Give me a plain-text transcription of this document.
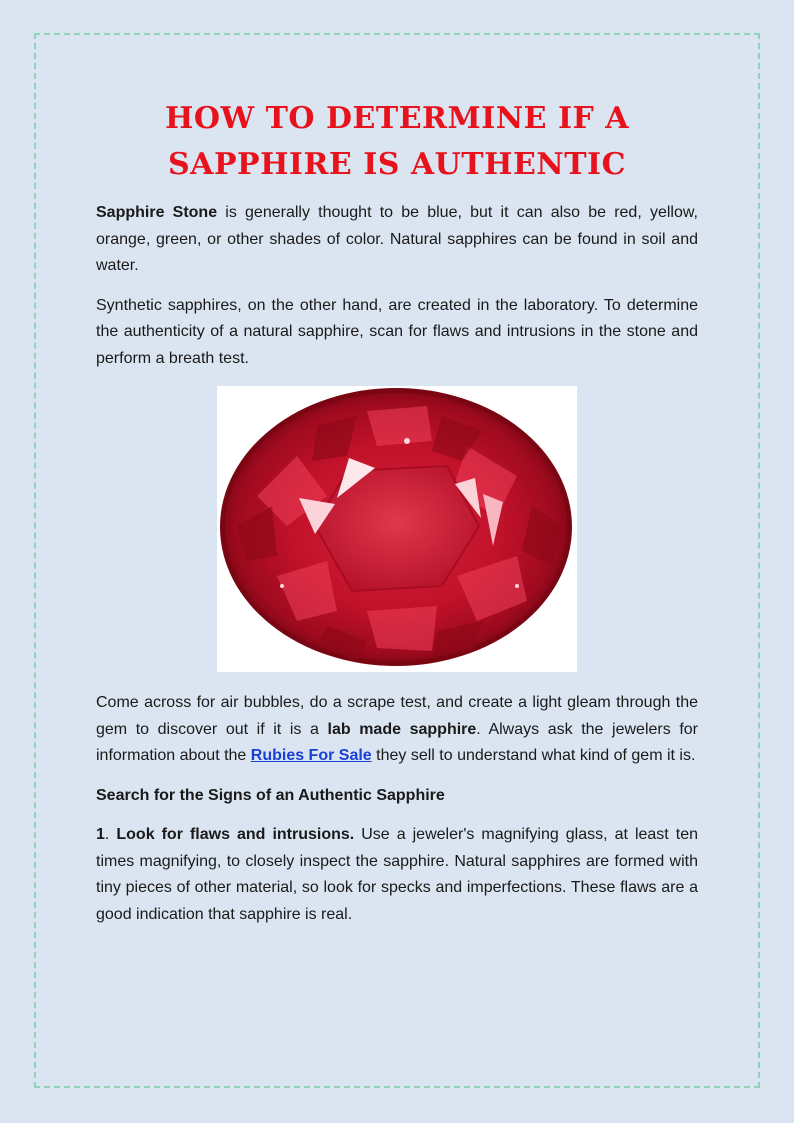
HOW TO DETERMINE IF A SAPPHIRE IS AUTHENTIC

Sapphire Stone is generally thought to be blue, but it can also be red, yellow, orange, green, or other shades of color. Natural sapphires can be found in soil and water.

Synthetic sapphires, on the other hand, are created in the laboratory. To determine the authenticity of a natural sapphire, scan for flaws and intrusions in the stone and perform a breath test.

Come across for air bubbles, do a scrape test, and create a light gleam through the gem to discover out if it is a lab made sapphire. Always ask the jewelers for information about the Rubies For Sale they sell to understand what kind of gem it is.

Search for the Signs of an Authentic Sapphire

1. Look for flaws and intrusions. Use a jeweler's magnifying glass, at least ten times magnifying, to closely inspect the sapphire. Natural sapphires are formed with tiny pieces of other material, so look for specks and imperfections. These flaws are a good indication that sapphire is real.
